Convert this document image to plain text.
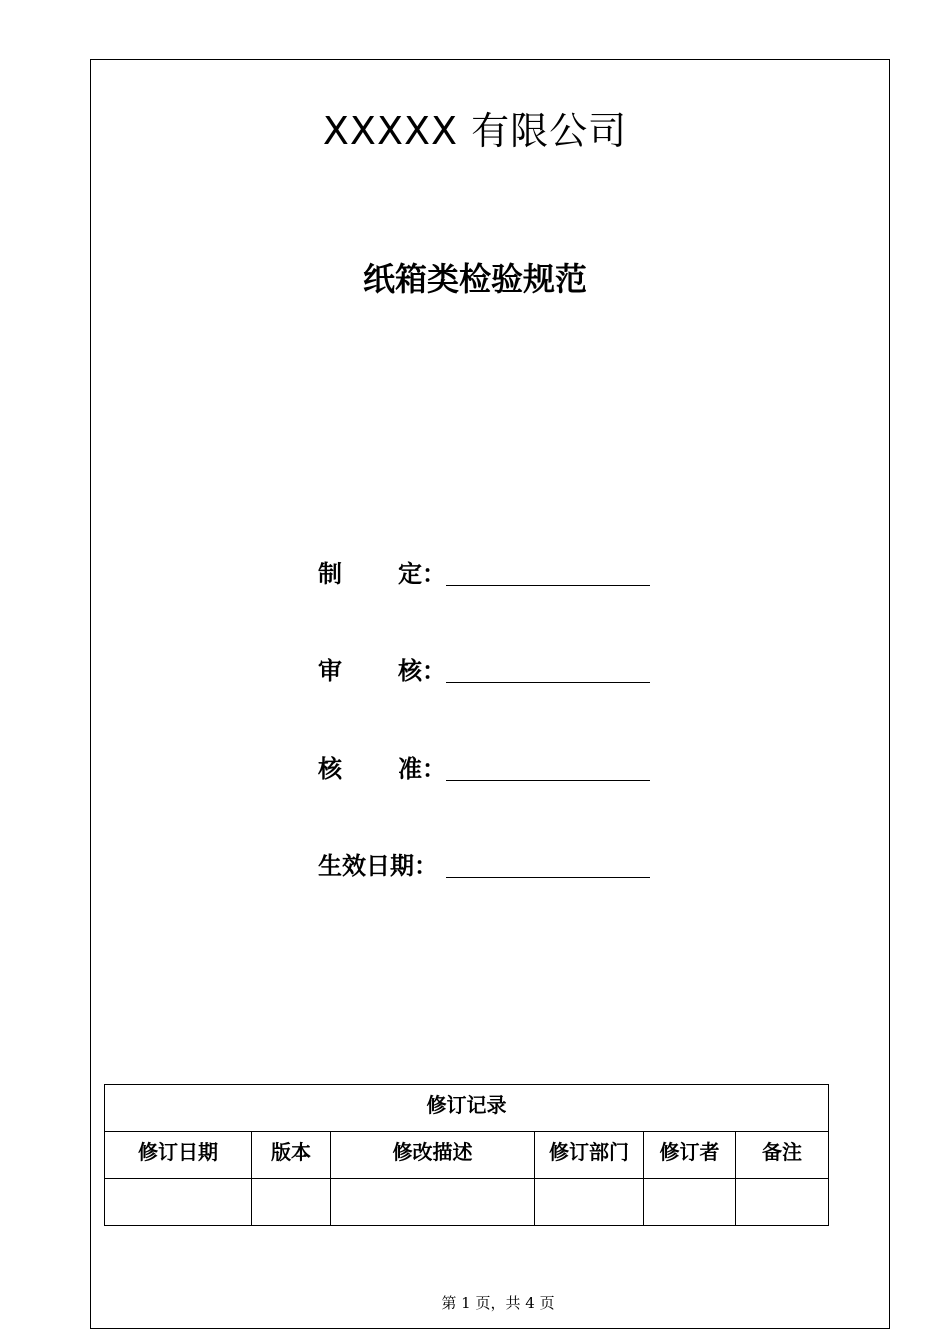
XXXXX 有限公司
纸箱类检验规范
制 定：
审 核：
核 准：
生效日期：
修订记录					
修订日期	版本	修改描述	修订部门	修订者	备注

第 1 页，共 4 页
